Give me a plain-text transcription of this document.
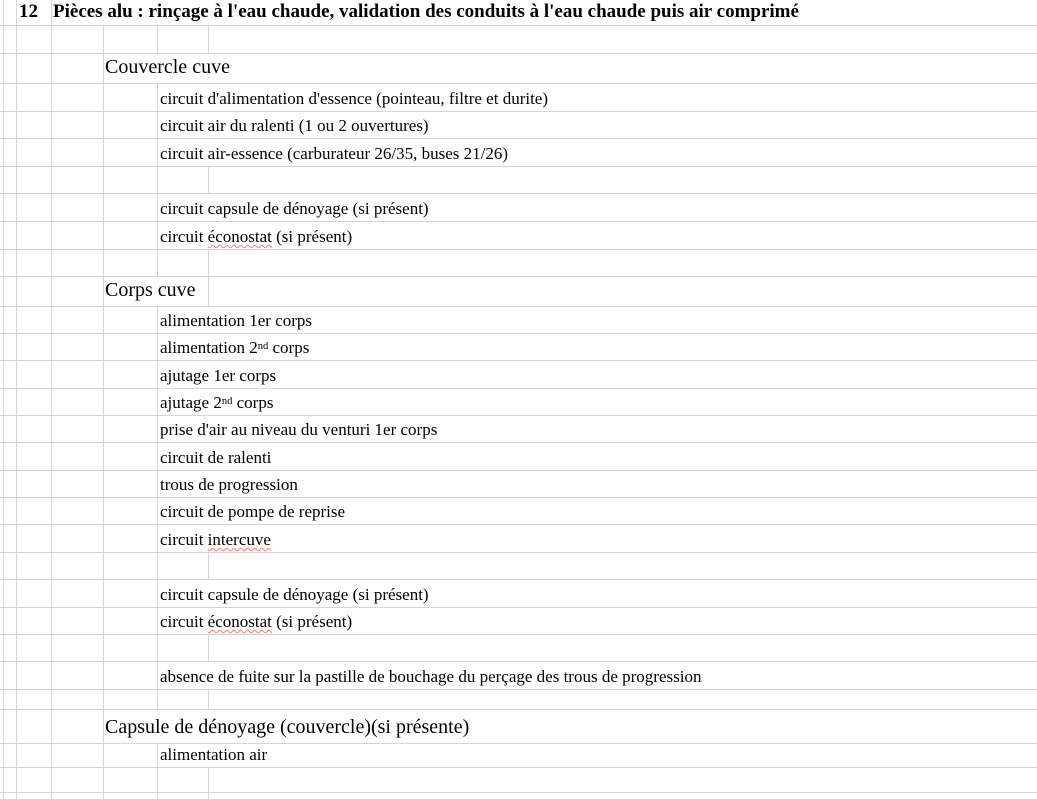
12 Pièces alu : rinçage à l'eau chaude, validation des conduits à l'eau chaude puis air comprimé
Couvercle cuve
circuit d'alimentation d'essence (pointeau, filtre et durite)
circuit air du ralenti (1 ou 2 ouvertures)
circuit air-essence (carburateur 26/35, buses 21/26)
circuit capsule de dénoyage (si présent)
circuit éconostat (si présent)
Corps cuve
alimentation 1er corps
alimentation 2nd corps
ajutage 1er corps
ajutage 2nd corps
prise d'air au niveau du venturi 1er corps
circuit de ralenti
trous de progression
circuit de pompe de reprise
circuit intercuve
circuit capsule de dénoyage (si présent)
circuit éconostat (si présent)
absence de fuite sur la pastille de bouchage du perçage des trous de progression
Capsule de dénoyage (couvercle)(si présente)
alimentation air
